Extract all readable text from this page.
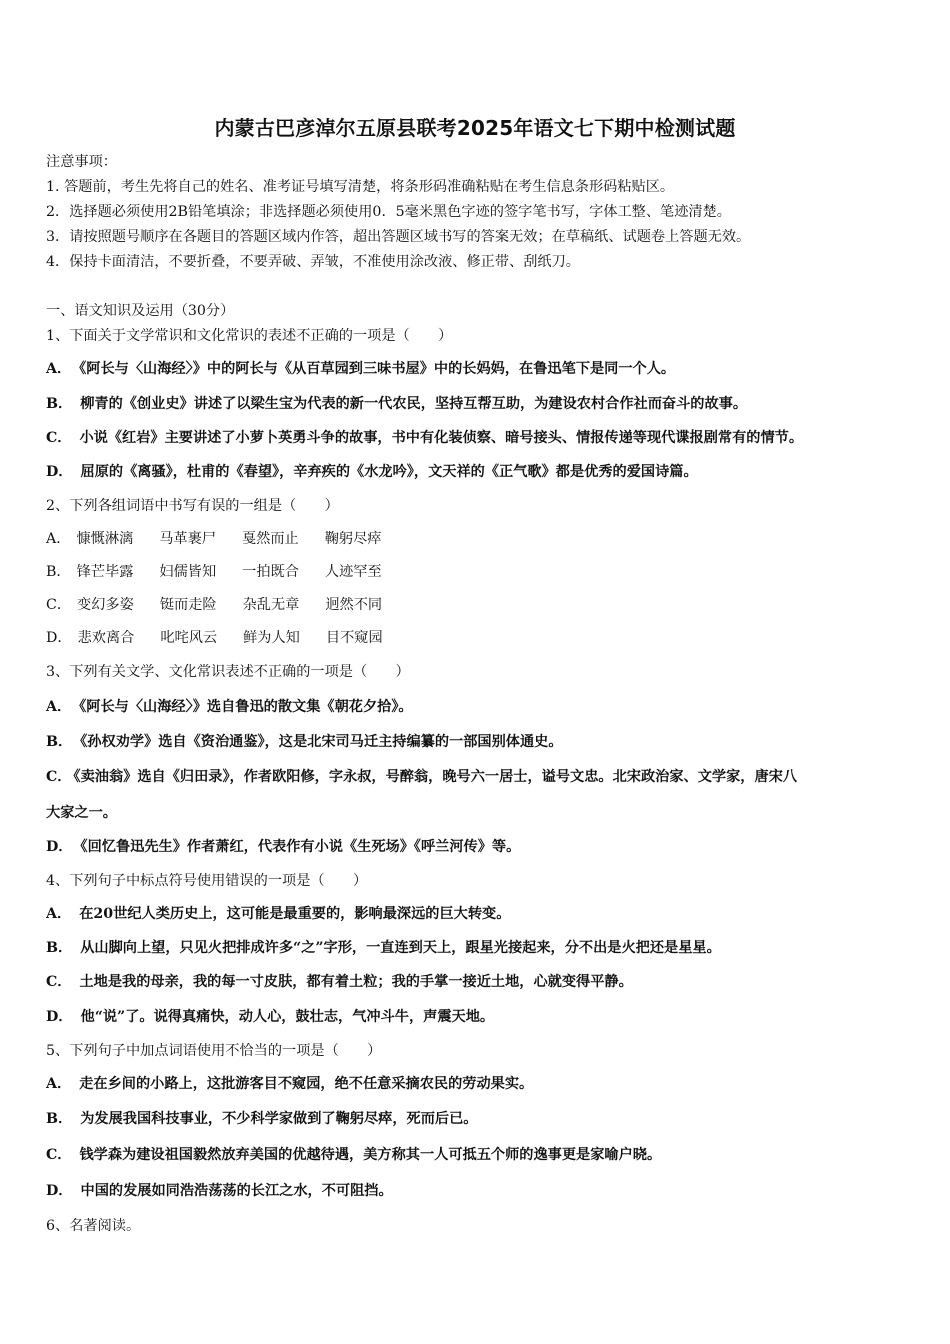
内蒙古巴彦淖尔五原县联考2025年语文七下期中检测试题
注意事项：
1. 答题前，考生先将自己的姓名、准考证号填写清楚，将条形码准确粘贴在考生信息条形码粘贴区。
2．选择题必须使用2B铅笔填涂；非选择题必须使用0．5毫米黑色字迹的签字笔书写，字体工整、笔迹清楚。
3．请按照题号顺序在各题目的答题区域内作答，超出答题区域书写的答案无效；在草稿纸、试题卷上答题无效。
4．保持卡面清洁，不要折叠，不要弄破、弄皱，不准使用涂改液、修正带、刮纸刀。
一、语文知识及运用（30分）
1、下面关于文学常识和文化常识的表述不正确的一项是（　　）
A． 《阿长与〈山海经〉》中的阿长与《从百草园到三味书屋》中的长妈妈，在鲁迅笔下是同一个人。
B． 柳青的《创业史》讲述了以梁生宝为代表的新一代农民，坚持互帮互助，为建设农村合作社而奋斗的故事。
C． 小说《红岩》主要讲述了小萝卜英勇斗争的故事，书中有化装侦察、暗号接头、情报传递等现代谍报剧常有的情节。
D． 屈原的《离骚》，杜甫的《春望》，辛弃疾的《水龙吟》，文天祥的《正气歌》都是优秀的爱国诗篇。
2、下列各组词语中书写有误的一组是（　　）
A． 慷慨淋漓 马革裹尸 戛然而止 鞠躬尽瘁
B． 锋芒毕露 妇儒皆知 一拍既合 人迹罕至
C． 变幻多姿 铤而走险 杂乱无章 迥然不同
D． 悲欢离合 叱咤风云 鲜为人知 目不窥园
3、下列有关文学、文化常识表述不正确的一项是（　　）
A． 《阿长与〈山海经〉》选自鲁迅的散文集《朝花夕拾》。
B． 《孙权劝学》选自《资治通鉴》，这是北宋司马迁主持编纂的一部国别体通史。
C． 《卖油翁》选自《归田录》，作者欧阳修，字永叔，号醉翁，晚号六一居士，谥号文忠。北宋政治家、文学家，唐宋八
大家之一。
D． 《回忆鲁迅先生》作者萧红，代表作有小说《生死场》《呼兰河传》等。
4、下列句子中标点符号使用错误的一项是（　　）
A． 在20世纪人类历史上，这可能是最重要的，影响最深远的巨大转变。
B． 从山脚向上望，只见火把排成许多“之”字形，一直连到天上，跟星光接起来，分不出是火把还是星星。
C． 土地是我的母亲，我的每一寸皮肤，都有着土粒；我的手掌一接近土地，心就变得平静。
D． 他“说”了。说得真痛快，动人心，鼓壮志，气冲斗牛，声震天地。
5、下列句子中加点词语使用不恰当的一项是（　　）
A． 走在乡间的小路上，这批游客目不窥园，绝不任意采摘农民的劳动果实。
B． 为发展我国科技事业，不少科学家做到了鞠躬尽瘁，死而后已。
C． 钱学森为建设祖国毅然放弃美国的优越待遇，美方称其一人可抵五个师的逸事更是家喻户晓。
D． 中国的发展如同浩浩荡荡的长江之水，不可阻挡。
6、名著阅读。
